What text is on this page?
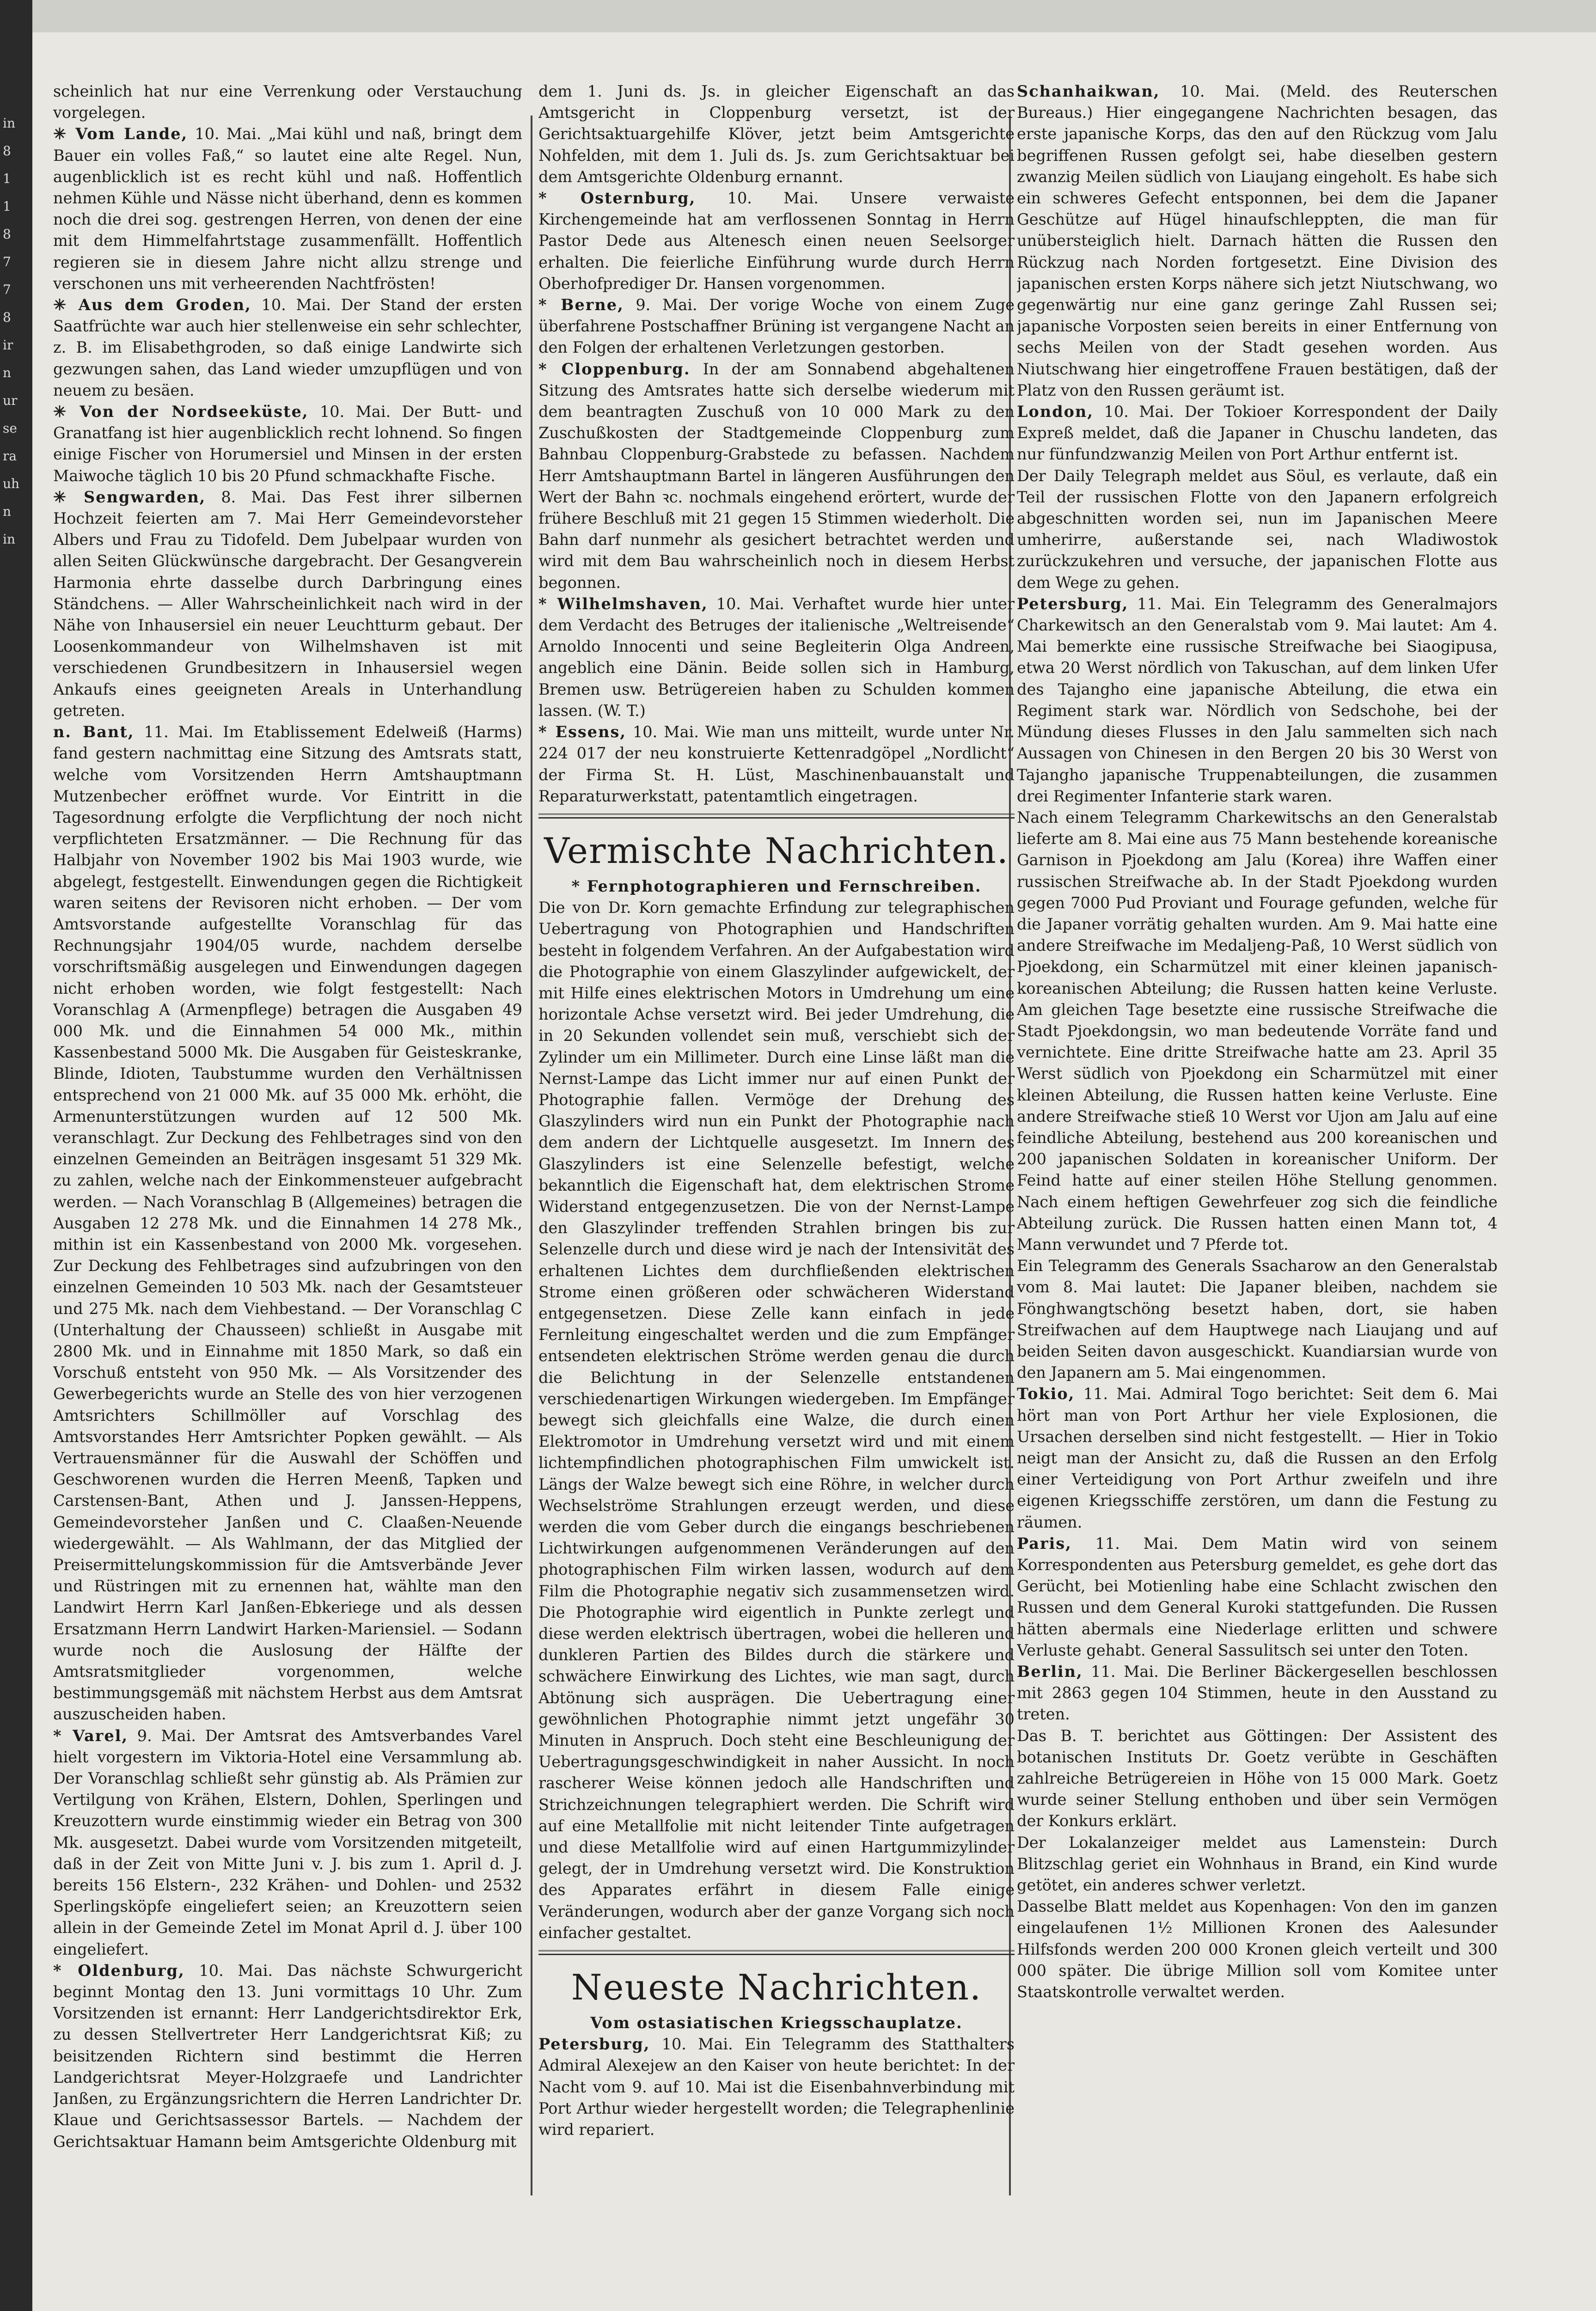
in
8
1
1
8
7
7
8
ir
n
ur
se
ra
uh
n
in

scheinlich hat nur eine Verrenkung oder Verstauchung vorgelegen.

✳ Vom Lande, 10. Mai. „Mai kühl und naß, bringt dem Bauer ein volles Faß,“ so lautet eine alte Regel. Nun, augenblicklich ist es recht kühl und naß. Hoffentlich nehmen Kühle und Nässe nicht überhand, denn es kommen noch die drei sog. gestrengen Herren, von denen der eine mit dem Himmelfahrtstage zusammenfällt. Hoffentlich regieren sie in diesem Jahre nicht allzu strenge und verschonen uns mit verheerenden Nachtfrösten!

✳ Aus dem Groden, 10. Mai. Der Stand der ersten Saatfrüchte war auch hier stellenweise ein sehr schlechter, z. B. im Elisabethgroden, so daß einige Landwirte sich gezwungen sahen, das Land wieder umzupflügen und von neuem zu besäen.

✳ Von der Nordseeküste, 10. Mai. Der Butt- und Granatfang ist hier augenblicklich recht lohnend. So fingen einige Fischer von Horumersiel und Minsen in der ersten Maiwoche täglich 10 bis 20 Pfund schmackhafte Fische.

✳ Sengwarden, 8. Mai. Das Fest ihrer silbernen Hochzeit feierten am 7. Mai Herr Gemeindevorsteher Albers und Frau zu Tidofeld. Dem Jubelpaar wurden von allen Seiten Glückwünsche dargebracht. Der Gesangverein Harmonia ehrte dasselbe durch Darbringung eines Ständchens. — Aller Wahrscheinlichkeit nach wird in der Nähe von Inhausersiel ein neuer Leuchtturm gebaut. Der Loosenkommandeur von Wilhelmshaven ist mit verschiedenen Grundbesitzern in Inhausersiel wegen Ankaufs eines geeigneten Areals in Unterhandlung getreten.

n. Bant, 11. Mai. Im Etablissement Edelweiß (Harms) fand gestern nachmittag eine Sitzung des Amtsrats statt, welche vom Vorsitzenden Herrn Amtshauptmann Mutzenbecher eröffnet wurde. Vor Eintritt in die Tagesordnung erfolgte die Verpflichtung der noch nicht verpflichteten Ersatzmänner. — Die Rechnung für das Halbjahr von November 1902 bis Mai 1903 wurde, wie abgelegt, festgestellt. Einwendungen gegen die Richtigkeit waren seitens der Revisoren nicht erhoben. — Der vom Amtsvorstande aufgestellte Voranschlag für das Rechnungsjahr 1904/05 wurde, nachdem derselbe vorschriftsmäßig ausgelegen und Einwendungen dagegen nicht erhoben worden, wie folgt festgestellt: Nach Voranschlag A (Armenpflege) betragen die Ausgaben 49 000 Mk. und die Einnahmen 54 000 Mk., mithin Kassenbestand 5000 Mk. Die Ausgaben für Geisteskranke, Blinde, Idioten, Taubstumme wurden den Verhältnissen entsprechend von 21 000 Mk. auf 35 000 Mk. erhöht, die Armenunterstützungen wurden auf 12 500 Mk. veranschlagt. Zur Deckung des Fehlbetrages sind von den einzelnen Gemeinden an Beiträgen insgesamt 51 329 Mk. zu zahlen, welche nach der Einkommensteuer aufgebracht werden. — Nach Voranschlag B (Allgemeines) betragen die Ausgaben 12 278 Mk. und die Einnahmen 14 278 Mk., mithin ist ein Kassenbestand von 2000 Mk. vorgesehen. Zur Deckung des Fehlbetrages sind aufzubringen von den einzelnen Gemeinden 10 503 Mk. nach der Gesamtsteuer und 275 Mk. nach dem Viehbestand. — Der Voranschlag C (Unterhaltung der Chausseen) schließt in Ausgabe mit 2800 Mk. und in Einnahme mit 1850 Mark, so daß ein Vorschuß entsteht von 950 Mk. — Als Vorsitzender des Gewerbegerichts wurde an Stelle des von hier verzogenen Amtsrichters Schillmöller auf Vorschlag des Amtsvorstandes Herr Amtsrichter Popken gewählt. — Als Vertrauensmänner für die Auswahl der Schöffen und Geschworenen wurden die Herren Meenß, Tapken und Carstensen-Bant, Athen und J. Janssen-Heppens, Gemeindevorsteher Janßen und C. Claaßen-Neuende wiedergewählt. — Als Wahlmann, der das Mitglied der Preisermittelungskommission für die Amtsverbände Jever und Rüstringen mit zu ernennen hat, wählte man den Landwirt Herrn Karl Janßen-Ebkeriege und als dessen Ersatzmann Herrn Landwirt Harken-Mariensiel. — Sodann wurde noch die Auslosung der Hälfte der Amtsratsmitglieder vorgenommen, welche bestimmungsgemäß mit nächstem Herbst aus dem Amtsrat auszuscheiden haben.

* Varel, 9. Mai. Der Amtsrat des Amtsverbandes Varel hielt vorgestern im Viktoria-Hotel eine Versammlung ab. Der Voranschlag schließt sehr günstig ab. Als Prämien zur Vertilgung von Krähen, Elstern, Dohlen, Sperlingen und Kreuzottern wurde einstimmig wieder ein Betrag von 300 Mk. ausgesetzt. Dabei wurde vom Vorsitzenden mitgeteilt, daß in der Zeit von Mitte Juni v. J. bis zum 1. April d. J. bereits 156 Elstern-, 232 Krähen- und Dohlen- und 2532 Sperlingsköpfe eingeliefert seien; an Kreuzottern seien allein in der Gemeinde Zetel im Monat April d. J. über 100 eingeliefert.

* Oldenburg, 10. Mai. Das nächste Schwurgericht beginnt Montag den 13. Juni vormittags 10 Uhr. Zum Vorsitzenden ist ernannt: Herr Landgerichtsdirektor Erk, zu dessen Stellvertreter Herr Landgerichtsrat Kiß; zu beisitzenden Richtern sind bestimmt die Herren Landgerichtsrat Meyer-Holzgraefe und Landrichter Janßen, zu Ergänzungsrichtern die Herren Landrichter Dr. Klaue und Gerichtsassessor Bartels. — Nachdem der Gerichtsaktuar Hamann beim Amtsgerichte Oldenburg mit

dem 1. Juni ds. Js. in gleicher Eigenschaft an das Amtsgericht in Cloppenburg versetzt, ist der Gerichtsaktuargehilfe Klöver, jetzt beim Amtsgerichte Nohfelden, mit dem 1. Juli ds. Js. zum Gerichtsaktuar bei dem Amtsgerichte Oldenburg ernannt.

* Osternburg, 10. Mai. Unsere verwaiste Kirchengemeinde hat am verflossenen Sonntag in Herrn Pastor Dede aus Altenesch einen neuen Seelsorger erhalten. Die feierliche Einführung wurde durch Herrn Oberhofprediger Dr. Hansen vorgenommen.

* Berne, 9. Mai. Der vorige Woche von einem Zuge überfahrene Postschaffner Brüning ist vergangene Nacht an den Folgen der erhaltenen Verletzungen gestorben.

* Cloppenburg. In der am Sonnabend abgehaltenen Sitzung des Amtsrates hatte sich derselbe wiederum mit dem beantragten Zuschuß von 10 000 Mark zu den Zuschußkosten der Stadtgemeinde Cloppenburg zum Bahnbau Cloppenburg-Grabstede zu befassen. Nachdem Herr Amtshauptmann Bartel in längeren Ausführungen den Wert der Bahn ꝛc. nochmals eingehend erörtert, wurde der frühere Beschluß mit 21 gegen 15 Stimmen wiederholt. Die Bahn darf nunmehr als gesichert betrachtet werden und wird mit dem Bau wahrscheinlich noch in diesem Herbst begonnen.

* Wilhelmshaven, 10. Mai. Verhaftet wurde hier unter dem Verdacht des Betruges der italienische „Weltreisende“ Arnoldo Innocenti und seine Begleiterin Olga Andreen, angeblich eine Dänin. Beide sollen sich in Hamburg, Bremen usw. Betrügereien haben zu Schulden kommen lassen. (W. T.)

* Essens, 10. Mai. Wie man uns mitteilt, wurde unter Nr. 224 017 der neu konstruierte Kettenradgöpel „Nordlicht“ der Firma St. H. Lüst, Maschinenbauanstalt und Reparaturwerkstatt, patentamtlich eingetragen.

Vermischte Nachrichten.
* Fernphotographieren und Fernschreiben.

Die von Dr. Korn gemachte Erfindung zur telegraphischen Uebertragung von Photographien und Handschriften besteht in folgendem Verfahren. An der Aufgabestation wird die Photographie von einem Glaszylinder aufgewickelt, der mit Hilfe eines elektrischen Motors in Umdrehung um eine horizontale Achse versetzt wird. Bei jeder Umdrehung, die in 20 Sekunden vollendet sein muß, verschiebt sich der Zylinder um ein Millimeter. Durch eine Linse läßt man die Nernst-Lampe das Licht immer nur auf einen Punkt der Photographie fallen. Vermöge der Drehung des Glaszylinders wird nun ein Punkt der Photographie nach dem andern der Lichtquelle ausgesetzt. Im Innern des Glaszylinders ist eine Selenzelle befestigt, welche bekanntlich die Eigenschaft hat, dem elektrischen Strome Widerstand entgegenzusetzen. Die von der Nernst-Lampe den Glaszylinder treffenden Strahlen bringen bis zur Selenzelle durch und diese wird je nach der Intensivität des erhaltenen Lichtes dem durchfließenden elektrischen Strome einen größeren oder schwächeren Widerstand entgegensetzen. Diese Zelle kann einfach in jede Fernleitung eingeschaltet werden und die zum Empfänger entsendeten elektrischen Ströme werden genau die durch die Belichtung in der Selenzelle entstandenen verschiedenartigen Wirkungen wiedergeben. Im Empfänger bewegt sich gleichfalls eine Walze, die durch einen Elektromotor in Umdrehung versetzt wird und mit einem lichtempfindlichen photographischen Film umwickelt ist. Längs der Walze bewegt sich eine Röhre, in welcher durch Wechselströme Strahlungen erzeugt werden, und diese werden die vom Geber durch die eingangs beschriebenen Lichtwirkungen aufgenommenen Veränderungen auf den photographischen Film wirken lassen, wodurch auf dem Film die Photographie negativ sich zusammensetzen wird. Die Photographie wird eigentlich in Punkte zerlegt und diese werden elektrisch übertragen, wobei die helleren und dunkleren Partien des Bildes durch die stärkere und schwächere Einwirkung des Lichtes, wie man sagt, durch Abtönung sich ausprägen. Die Uebertragung einer gewöhnlichen Photographie nimmt jetzt ungefähr 30 Minuten in Anspruch. Doch steht eine Beschleunigung der Uebertragungsgeschwindigkeit in naher Aussicht. In noch rascherer Weise können jedoch alle Handschriften und Strichzeichnungen telegraphiert werden. Die Schrift wird auf eine Metallfolie mit nicht leitender Tinte aufgetragen und diese Metallfolie wird auf einen Hartgummizylinder gelegt, der in Umdrehung versetzt wird. Die Konstruktion des Apparates erfährt in diesem Falle einige Veränderungen, wodurch aber der ganze Vorgang sich noch einfacher gestaltet.

Neueste Nachrichten.
Vom ostasiatischen Kriegsschauplatze.

Petersburg, 10. Mai. Ein Telegramm des Statthalters Admiral Alexejew an den Kaiser von heute berichtet: In der Nacht vom 9. auf 10. Mai ist die Eisenbahnverbindung mit Port Arthur wieder hergestellt worden; die Telegraphenlinie wird repariert.

Schanhaikwan, 10. Mai. (Meld. des Reuterschen Bureaus.) Hier eingegangene Nachrichten besagen, das erste japanische Korps, das den auf den Rückzug vom Jalu begriffenen Russen gefolgt sei, habe dieselben gestern zwanzig Meilen südlich von Liaujang eingeholt. Es habe sich ein schweres Gefecht entsponnen, bei dem die Japaner Geschütze auf Hügel hinaufschleppten, die man für unübersteiglich hielt. Darnach hätten die Russen den Rückzug nach Norden fortgesetzt. Eine Division des japanischen ersten Korps nähere sich jetzt Niutschwang, wo gegenwärtig nur eine ganz geringe Zahl Russen sei; japanische Vorposten seien bereits in einer Entfernung von sechs Meilen von der Stadt gesehen worden. Aus Niutschwang hier eingetroffene Frauen bestätigen, daß der Platz von den Russen geräumt ist.

London, 10. Mai. Der Tokioer Korrespondent der Daily Expreß meldet, daß die Japaner in Chuschu landeten, das nur fünfundzwanzig Meilen von Port Arthur entfernt ist.

Der Daily Telegraph meldet aus Söul, es verlaute, daß ein Teil der russischen Flotte von den Japanern erfolgreich abgeschnitten worden sei, nun im Japanischen Meere umherirre, außerstande sei, nach Wladiwostok zurückzukehren und versuche, der japanischen Flotte aus dem Wege zu gehen.

Petersburg, 11. Mai. Ein Telegramm des Generalmajors Charkewitsch an den Generalstab vom 9. Mai lautet: Am 4. Mai bemerkte eine russische Streifwache bei Siaogipusa, etwa 20 Werst nördlich von Takuschan, auf dem linken Ufer des Tajangho eine japanische Abteilung, die etwa ein Regiment stark war. Nördlich von Sedschohe, bei der Mündung dieses Flusses in den Jalu sammelten sich nach Aussagen von Chinesen in den Bergen 20 bis 30 Werst von Tajangho japanische Truppenabteilungen, die zusammen drei Regimenter Infanterie stark waren.

Nach einem Telegramm Charkewitschs an den Generalstab lieferte am 8. Mai eine aus 75 Mann bestehende koreanische Garnison in Pjoekdong am Jalu (Korea) ihre Waffen einer russischen Streifwache ab. In der Stadt Pjoekdong wurden gegen 7000 Pud Proviant und Fourage gefunden, welche für die Japaner vorrätig gehalten wurden. Am 9. Mai hatte eine andere Streifwache im Medaljeng-Paß, 10 Werst südlich von Pjoekdong, ein Scharmützel mit einer kleinen japanisch-koreanischen Abteilung; die Russen hatten keine Verluste. Am gleichen Tage besetzte eine russische Streifwache die Stadt Pjoekdongsin, wo man bedeutende Vorräte fand und vernichtete. Eine dritte Streifwache hatte am 23. April 35 Werst südlich von Pjoekdong ein Scharmützel mit einer kleinen Abteilung, die Russen hatten keine Verluste. Eine andere Streifwache stieß 10 Werst vor Ujon am Jalu auf eine feindliche Abteilung, bestehend aus 200 koreanischen und 200 japanischen Soldaten in koreanischer Uniform. Der Feind hatte auf einer steilen Höhe Stellung genommen. Nach einem heftigen Gewehrfeuer zog sich die feindliche Abteilung zurück. Die Russen hatten einen Mann tot, 4 Mann verwundet und 7 Pferde tot.

Ein Telegramm des Generals Ssacharow an den Generalstab vom 8. Mai lautet: Die Japaner bleiben, nachdem sie Fönghwangtschöng besetzt haben, dort, sie haben Streifwachen auf dem Hauptwege nach Liaujang und auf beiden Seiten davon ausgeschickt. Kuandiarsian wurde von den Japanern am 5. Mai eingenommen.

Tokio, 11. Mai. Admiral Togo berichtet: Seit dem 6. Mai hört man von Port Arthur her viele Explosionen, die Ursachen derselben sind nicht festgestellt. — Hier in Tokio neigt man der Ansicht zu, daß die Russen an den Erfolg einer Verteidigung von Port Arthur zweifeln und ihre eigenen Kriegsschiffe zerstören, um dann die Festung zu räumen.

Paris, 11. Mai. Dem Matin wird von seinem Korrespondenten aus Petersburg gemeldet, es gehe dort das Gerücht, bei Motienling habe eine Schlacht zwischen den Russen und dem General Kuroki stattgefunden. Die Russen hätten abermals eine Niederlage erlitten und schwere Verluste gehabt. General Sassulitsch sei unter den Toten.

Berlin, 11. Mai. Die Berliner Bäckergesellen beschlossen mit 2863 gegen 104 Stimmen, heute in den Ausstand zu treten.

Das B. T. berichtet aus Göttingen: Der Assistent des botanischen Instituts Dr. Goetz verübte in Geschäften zahlreiche Betrügereien in Höhe von 15 000 Mark. Goetz wurde seiner Stellung enthoben und über sein Vermögen der Konkurs erklärt.

Der Lokalanzeiger meldet aus Lamenstein: Durch Blitzschlag geriet ein Wohnhaus in Brand, ein Kind wurde getötet, ein anderes schwer verletzt.

Dasselbe Blatt meldet aus Kopenhagen: Von den im ganzen eingelaufenen 1½ Millionen Kronen des Aalesunder Hilfsfonds werden 200 000 Kronen gleich verteilt und 300 000 später. Die übrige Million soll vom Komitee unter Staatskontrolle verwaltet werden.
